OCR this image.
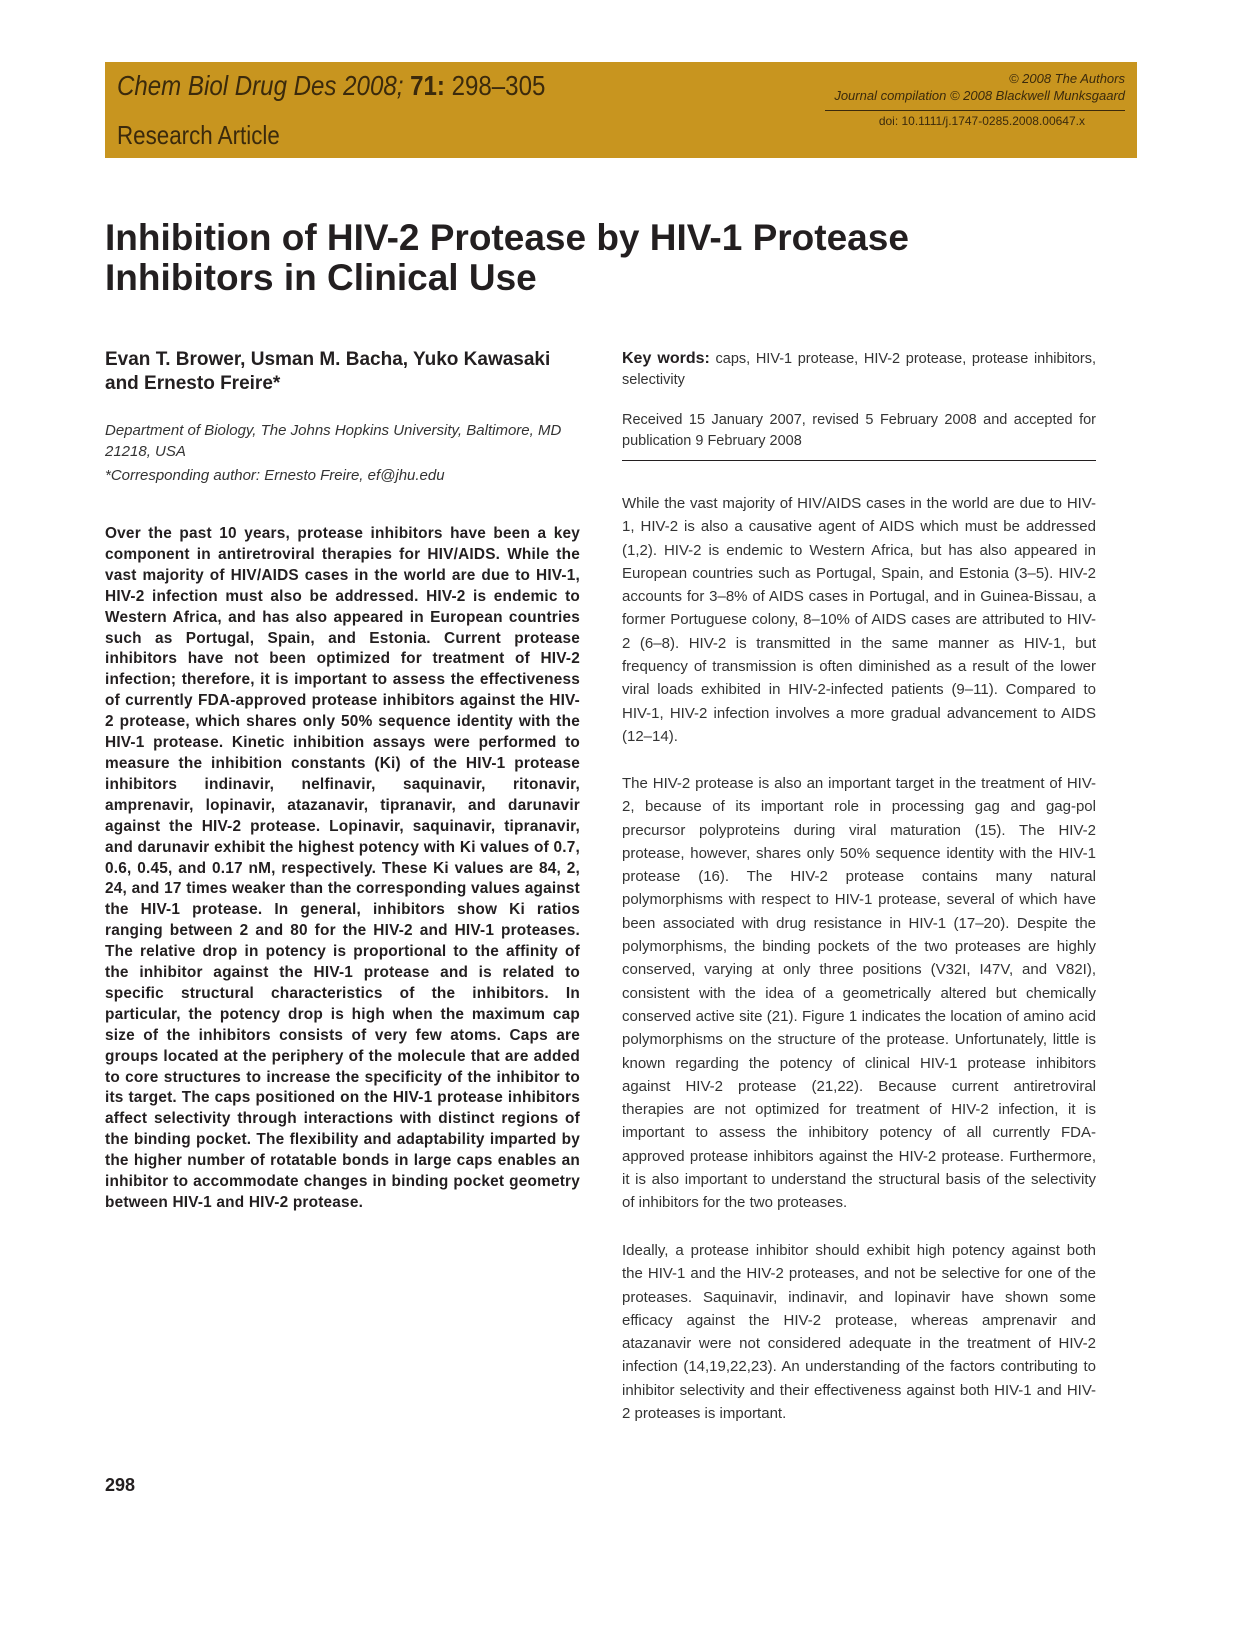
Chem Biol Drug Des 2008; 71: 298–305
Research Article
© 2008 The Authors
Journal compilation © 2008 Blackwell Munksgaard
doi: 10.1111/j.1747-0285.2008.00647.x
Inhibition of HIV-2 Protease by HIV-1 Protease Inhibitors in Clinical Use
Evan T. Brower, Usman M. Bacha, Yuko Kawasaki and Ernesto Freire*
Department of Biology, The Johns Hopkins University, Baltimore, MD 21218, USA
*Corresponding author: Ernesto Freire, ef@jhu.edu
Over the past 10 years, protease inhibitors have been a key component in antiretroviral therapies for HIV/AIDS. While the vast majority of HIV/AIDS cases in the world are due to HIV-1, HIV-2 infection must also be addressed. HIV-2 is endemic to Western Africa, and has also appeared in European countries such as Portugal, Spain, and Estonia. Current protease inhibitors have not been optimized for treatment of HIV-2 infection; therefore, it is important to assess the effectiveness of currently FDA-approved protease inhibitors against the HIV-2 protease, which shares only 50% sequence identity with the HIV-1 protease. Kinetic inhibition assays were performed to measure the inhibition constants (Ki) of the HIV-1 protease inhibitors indinavir, nelfinavir, saquinavir, ritonavir, amprenavir, lopinavir, atazanavir, tipranavir, and darunavir against the HIV-2 protease. Lopinavir, saquinavir, tipranavir, and darunavir exhibit the highest potency with Ki values of 0.7, 0.6, 0.45, and 0.17 nM, respectively. These Ki values are 84, 2, 24, and 17 times weaker than the corresponding values against the HIV-1 protease. In general, inhibitors show Ki ratios ranging between 2 and 80 for the HIV-2 and HIV-1 proteases. The relative drop in potency is proportional to the affinity of the inhibitor against the HIV-1 protease and is related to specific structural characteristics of the inhibitors. In particular, the potency drop is high when the maximum cap size of the inhibitors consists of very few atoms. Caps are groups located at the periphery of the molecule that are added to core structures to increase the specificity of the inhibitor to its target. The caps positioned on the HIV-1 protease inhibitors affect selectivity through interactions with distinct regions of the binding pocket. The flexibility and adaptability imparted by the higher number of rotatable bonds in large caps enables an inhibitor to accommodate changes in binding pocket geometry between HIV-1 and HIV-2 protease.
Key words: caps, HIV-1 protease, HIV-2 protease, protease inhibitors, selectivity
Received 15 January 2007, revised 5 February 2008 and accepted for publication 9 February 2008
While the vast majority of HIV/AIDS cases in the world are due to HIV-1, HIV-2 is also a causative agent of AIDS which must be addressed (1,2). HIV-2 is endemic to Western Africa, but has also appeared in European countries such as Portugal, Spain, and Estonia (3–5). HIV-2 accounts for 3–8% of AIDS cases in Portugal, and in Guinea-Bissau, a former Portuguese colony, 8–10% of AIDS cases are attributed to HIV-2 (6–8). HIV-2 is transmitted in the same manner as HIV-1, but frequency of transmission is often diminished as a result of the lower viral loads exhibited in HIV-2-infected patients (9–11). Compared to HIV-1, HIV-2 infection involves a more gradual advancement to AIDS (12–14).
The HIV-2 protease is also an important target in the treatment of HIV-2, because of its important role in processing gag and gag-pol precursor polyproteins during viral maturation (15). The HIV-2 protease, however, shares only 50% sequence identity with the HIV-1 protease (16). The HIV-2 protease contains many natural polymorphisms with respect to HIV-1 protease, several of which have been associated with drug resistance in HIV-1 (17–20). Despite the polymorphisms, the binding pockets of the two proteases are highly conserved, varying at only three positions (V32I, I47V, and V82I), consistent with the idea of a geometrically altered but chemically conserved active site (21). Figure 1 indicates the location of amino acid polymorphisms on the structure of the protease. Unfortunately, little is known regarding the potency of clinical HIV-1 protease inhibitors against HIV-2 protease (21,22). Because current antiretroviral therapies are not optimized for treatment of HIV-2 infection, it is important to assess the inhibitory potency of all currently FDA-approved protease inhibitors against the HIV-2 protease. Furthermore, it is also important to understand the structural basis of the selectivity of inhibitors for the two proteases.
Ideally, a protease inhibitor should exhibit high potency against both the HIV-1 and the HIV-2 proteases, and not be selective for one of the proteases. Saquinavir, indinavir, and lopinavir have shown some efficacy against the HIV-2 protease, whereas amprenavir and atazanavir were not considered adequate in the treatment of HIV-2 infection (14,19,22,23). An understanding of the factors contributing to inhibitor selectivity and their effectiveness against both HIV-1 and HIV-2 proteases is important.
298
